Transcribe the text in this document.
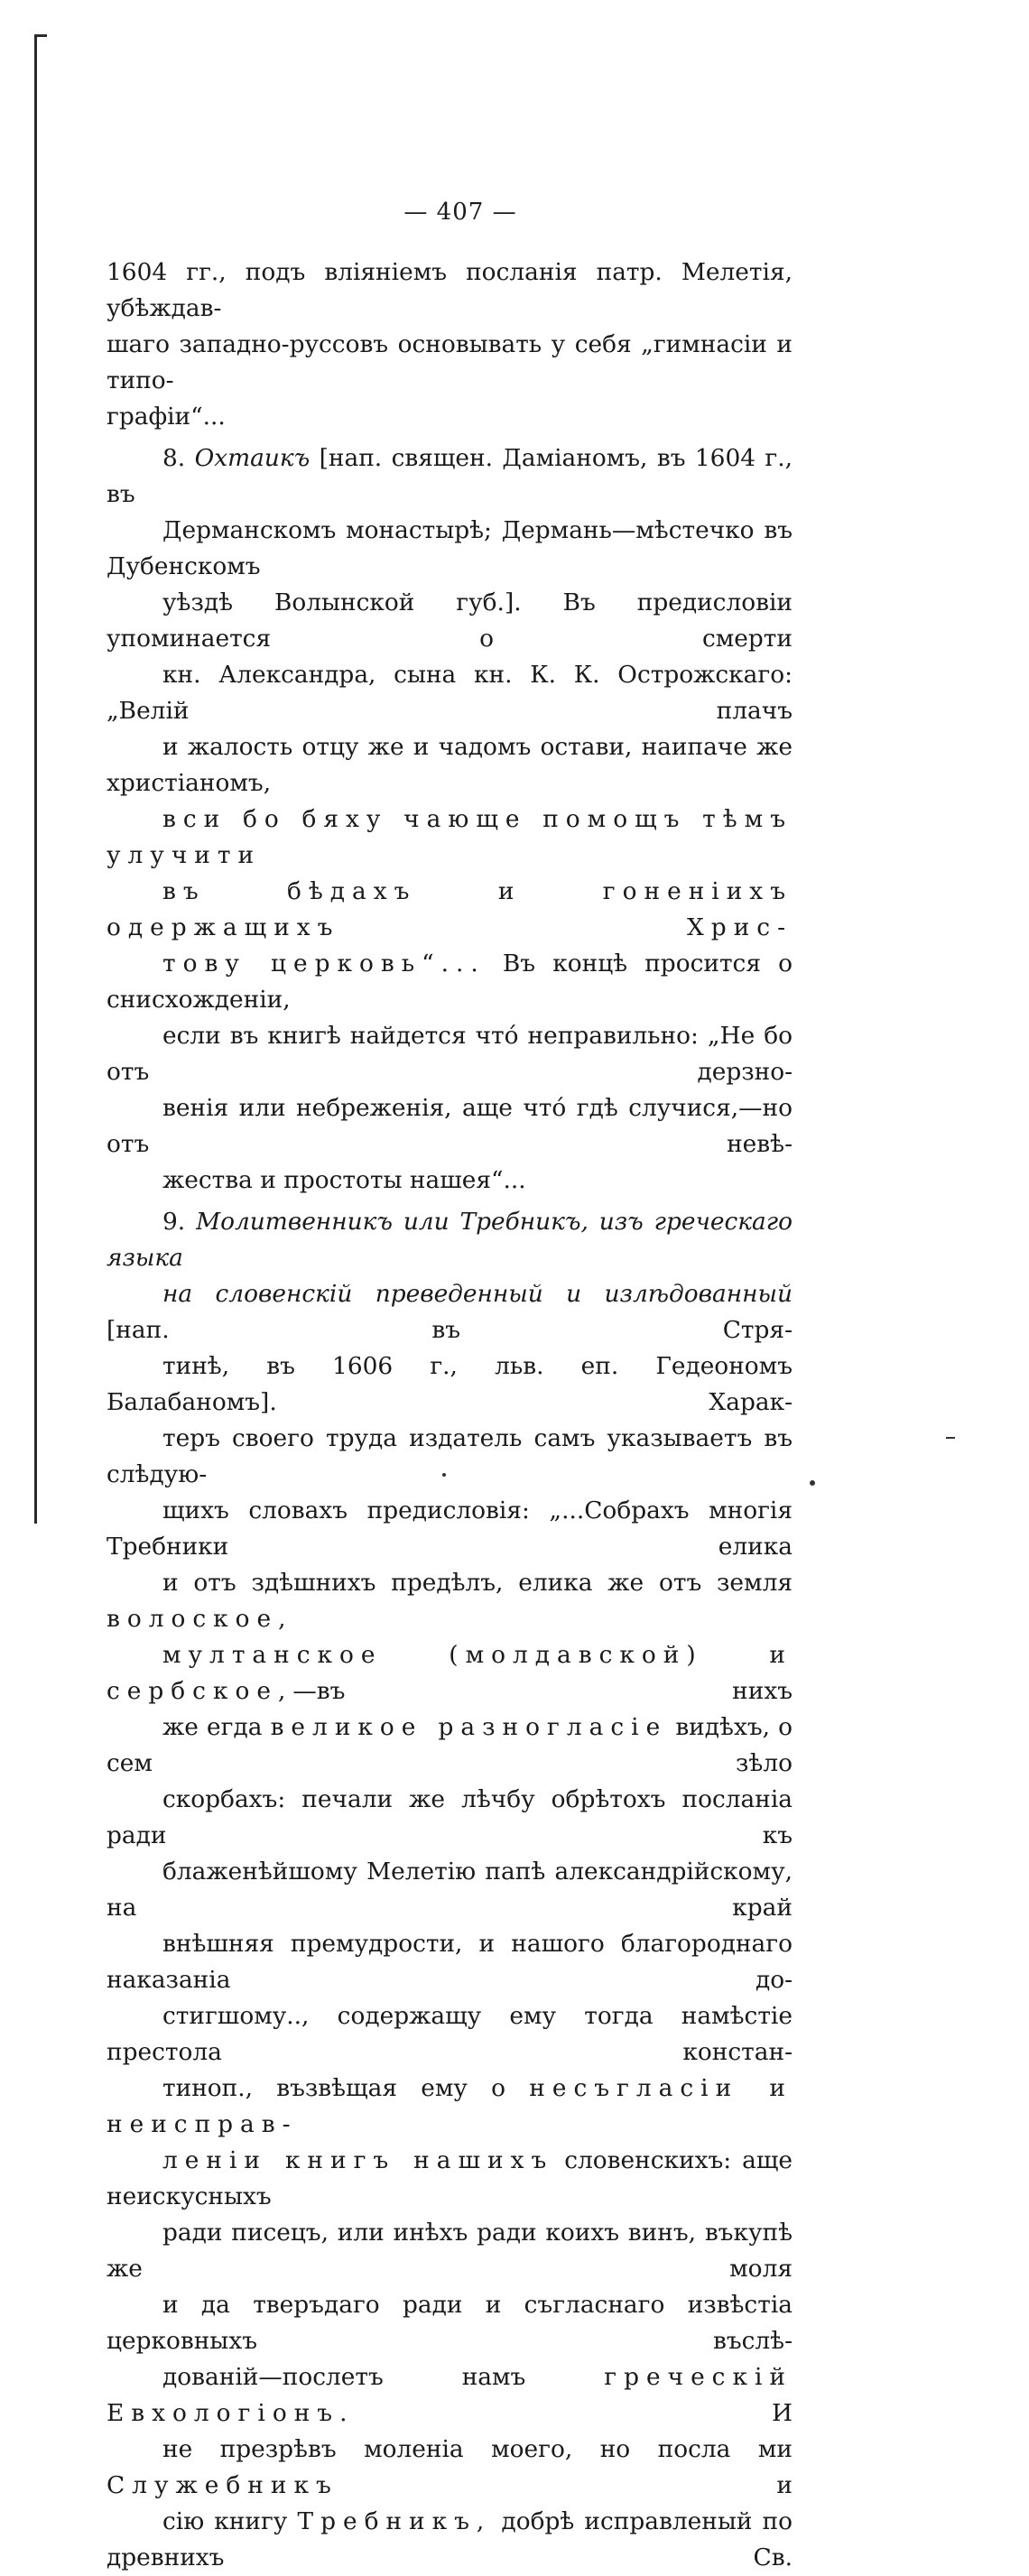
— 407 —

1604 гг., подъ вліяніемъ посланія патр. Мелетія, убѣждав-
шаго западно-руссовъ основывать у себя „гимнасіи и типо-
графіи“...

8. Охтаикъ [нап. священ. Даміаномъ, въ 1604 г., въ
Дерманскомъ монастырѣ; Дермань—мѣстечко въ Дубенскомъ
уѣздѣ Волынской губ.]. Въ предисловіи упоминается о смерти
кн. Александра, сына кн. К. К. Острожскаго: „Велій плачъ
и жалость отцу же и чадомъ остави, наипаче же христіаномъ,
вси бо бяху чающе помощъ тѣмъ улучити
въ бѣдахъ и гоненіихъ одержащихъ Хрис-
тову церковь“... Въ концѣ просится о снисхожденіи,
если въ книгѣ найдется что́ неправильно: „Не бо отъ дерзно-
венія или небреженія, аще что́ гдѣ случися,—но отъ невѣ-
жества и простоты нашея“...

9. Молитвенникъ или Требникъ, изъ греческаго языка
на словенскій преведенный и излѣдованный [нап. въ Стря-
тинѣ, въ 1606 г., льв. еп. Гедеономъ Балабаномъ]. Харак-
теръ своего труда издатель самъ указываетъ въ слѣдую-
щихъ словахъ предисловія: „...Собрахъ многія Требники елика
и отъ здѣшнихъ предѣлъ, елика же отъ земля волоское,
мултанское (молдавской) и сербское,—въ нихъ
же егда великое разногласіе видѣхъ, о сем зѣло
скорбахъ: печали же лѣчбу обрѣтохъ посланіа ради къ
блаженѣйшому Мелетію папѣ александрійскому, на край
внѣшняя премудрости, и нашого благороднаго наказаніа до-
стигшому.., содержащу ему тогда намѣстіе престола констан-
тиноп., възвѣщая ему о несъгласіи и неисправ-
леніи книгъ нашихъ словенскихъ: аще неискусныхъ
ради писецъ, или инѣхъ ради коихъ винъ, въкупѣ же моля
и да тверъдаго ради и съгласнаго извѣстіа церковныхъ въслѣ-
дованій—послетъ намъ	греческій Евхологіонъ.	И
не презрѣвъ моленіа моего, но посла ми Служебникъ	и
сію книгу Требникъ, добрѣ исправленый по древнихъ Св.
